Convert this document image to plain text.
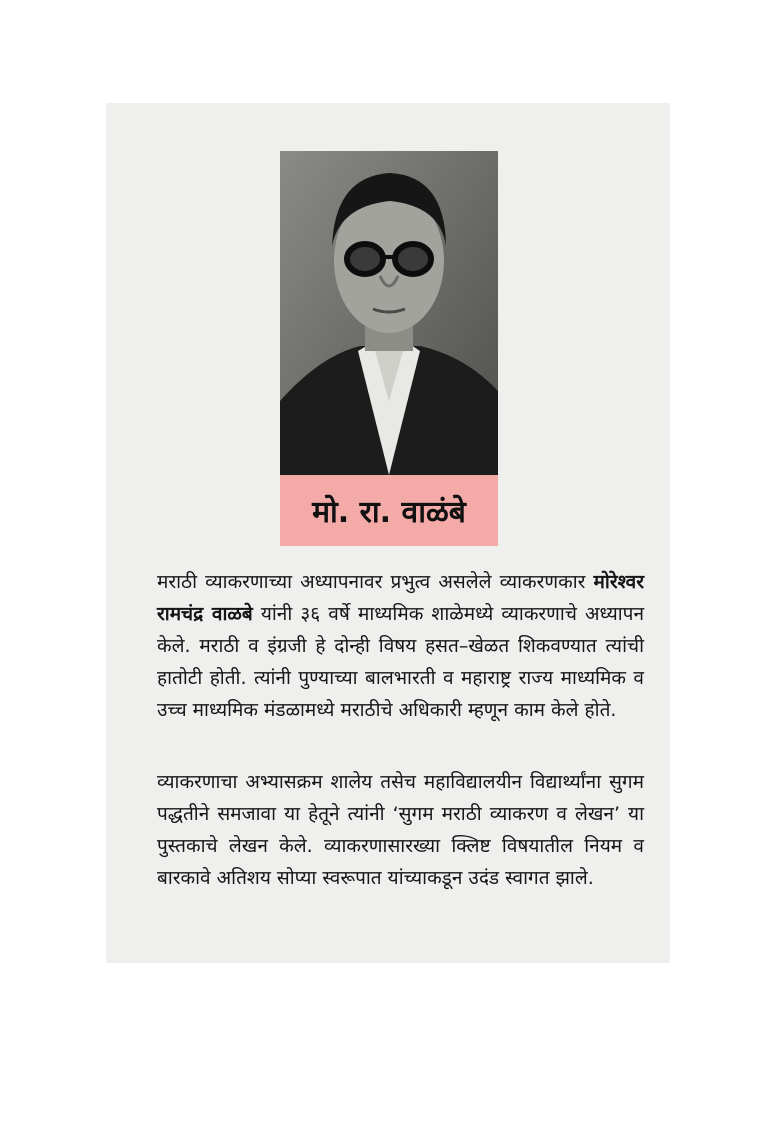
मो. रा. वाळंबे

मराठी व्याकरणाच्या अध्यापनावर प्रभुत्व असलेले व्याकरणकार मोरेश्वर रामचंद्र वाळबे यांनी ३६ वर्षे माध्यमिक शाळेमध्ये व्याकरणाचे अध्यापन केले. मराठी व इंग्रजी हे दोन्ही विषय हसत–खेळत शिकवण्यात त्यांची हातोटी होती. त्यांनी पुण्याच्या बालभारती व महाराष्ट्र राज्य माध्यमिक व उच्च माध्यमिक मंडळामध्ये मराठीचे अधिकारी म्हणून काम केले होते.

व्याकरणाचा अभ्यासक्रम शालेय तसेच महाविद्यालयीन विद्यार्थ्यांना सुगम पद्धतीने समजावा या हेतूने त्यांनी ‘सुगम मराठी व्याकरण व लेखन’ या पुस्तकाचे लेखन केले. व्याकरणासारख्या क्लिष्ट विषयातील नियम व बारकावे अतिशय सोप्या स्वरूपात यांच्याकडून उदंड स्वागत झाले.
